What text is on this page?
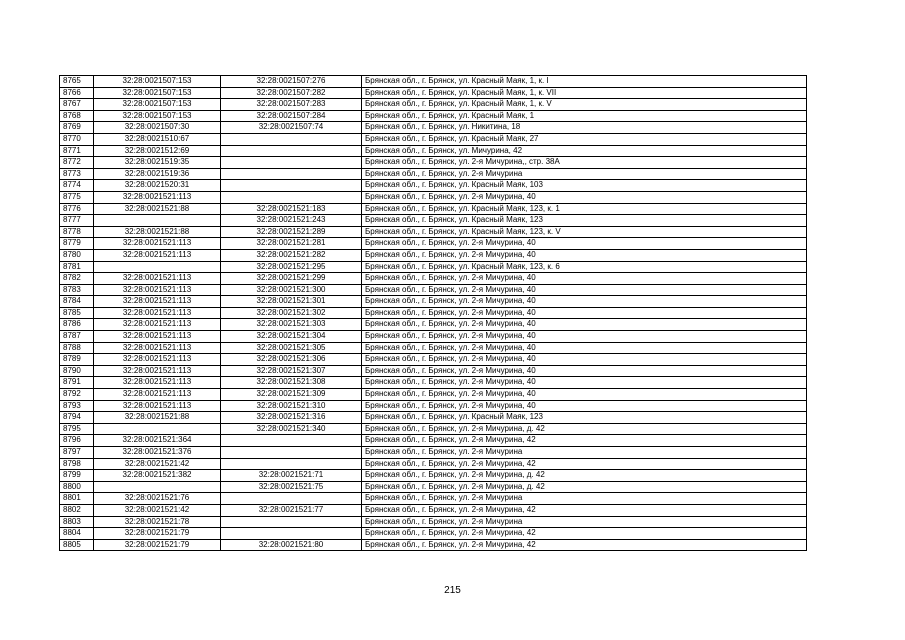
8765	32:28:0021507:153	32:28:0021507:276	Брянская обл., г. Брянск, ул. Красный Маяк, 1, к. I
8766	32:28:0021507:153	32:28:0021507:282	Брянская обл., г. Брянск, ул. Красный Маяк, 1, к. VII
8767	32:28:0021507:153	32:28:0021507:283	Брянская обл., г. Брянск, ул. Красный Маяк, 1, к. V
8768	32:28:0021507:153	32:28:0021507:284	Брянская обл., г. Брянск, ул. Красный Маяк, 1
8769	32:28:0021507:30	32:28:0021507:74	Брянская обл., г. Брянск, ул. Никитина, 18
8770	32:28:0021510:67		Брянская обл., г. Брянск, ул. Красный Маяк, 27
8771	32:28:0021512:69		Брянская обл., г. Брянск, ул. Мичурина, 42
8772	32:28:0021519:35		Брянская обл., г. Брянск, ул. 2-я Мичурина,, стр. 38А
8773	32:28:0021519:36		Брянская обл., г. Брянск, ул. 2-я Мичурина
8774	32:28:0021520:31		Брянская обл., г. Брянск, ул. Красный Маяк, 103
8775	32:28:0021521:113		Брянская обл., г. Брянск, ул. 2-я Мичурина, 40
8776	32:28:0021521:88	32:28:0021521:183	Брянская обл., г. Брянск, ул. Красный Маяк, 123, к. 1
8777		32:28:0021521:243	Брянская обл., г. Брянск, ул. Красный Маяк, 123
8778	32:28:0021521:88	32:28:0021521:289	Брянская обл., г. Брянск, ул. Красный Маяк, 123, к. V
8779	32:28:0021521:113	32:28:0021521:281	Брянская обл., г. Брянск, ул. 2-я Мичурина, 40
8780	32:28:0021521:113	32:28:0021521:282	Брянская обл., г. Брянск, ул. 2-я Мичурина, 40
8781		32:28:0021521:295	Брянская обл., г. Брянск, ул. Красный Маяк, 123, к. 6
8782	32:28:0021521:113	32:28:0021521:299	Брянская обл., г. Брянск, ул. 2-я Мичурина, 40
8783	32:28:0021521:113	32:28:0021521:300	Брянская обл., г. Брянск, ул. 2-я Мичурина, 40
8784	32:28:0021521:113	32:28:0021521:301	Брянская обл., г. Брянск, ул. 2-я Мичурина, 40
8785	32:28:0021521:113	32:28:0021521:302	Брянская обл., г. Брянск, ул. 2-я Мичурина, 40
8786	32:28:0021521:113	32:28:0021521:303	Брянская обл., г. Брянск, ул. 2-я Мичурина, 40
8787	32:28:0021521:113	32:28:0021521:304	Брянская обл., г. Брянск, ул. 2-я Мичурина, 40
8788	32:28:0021521:113	32:28:0021521:305	Брянская обл., г. Брянск, ул. 2-я Мичурина, 40
8789	32:28:0021521:113	32:28:0021521:306	Брянская обл., г. Брянск, ул. 2-я Мичурина, 40
8790	32:28:0021521:113	32:28:0021521:307	Брянская обл., г. Брянск, ул. 2-я Мичурина, 40
8791	32:28:0021521:113	32:28:0021521:308	Брянская обл., г. Брянск, ул. 2-я Мичурина, 40
8792	32:28:0021521:113	32:28:0021521:309	Брянская обл., г. Брянск, ул. 2-я Мичурина, 40
8793	32:28:0021521:113	32:28:0021521:310	Брянская обл., г. Брянск, ул. 2-я Мичурина, 40
8794	32:28:0021521:88	32:28:0021521:316	Брянская обл., г. Брянск, ул. Красный Маяк, 123
8795		32:28:0021521:340	Брянская обл., г. Брянск, ул. 2-я Мичурина, д. 42
8796	32:28:0021521:364		Брянская обл., г. Брянск, ул. 2-я Мичурина, 42
8797	32:28:0021521:376		Брянская обл., г. Брянск, ул. 2-я Мичурина
8798	32:28:0021521:42		Брянская обл., г. Брянск, ул. 2-я Мичурина, 42
8799	32:28:0021521:382	32:28:0021521:71	Брянская обл., г. Брянск, ул. 2-я Мичурина, д. 42
8800		32:28:0021521:75	Брянская обл., г. Брянск, ул. 2-я Мичурина, д. 42
8801	32:28:0021521:76		Брянская обл., г. Брянск, ул. 2-я Мичурина
8802	32:28:0021521:42	32:28:0021521:77	Брянская обл., г. Брянск, ул. 2-я Мичурина, 42
8803	32:28:0021521:78		Брянская обл., г. Брянск, ул. 2-я Мичурина
8804	32:28:0021521:79		Брянская обл., г. Брянск, ул. 2-я Мичурина, 42
8805	32:28:0021521:79	32:28:0021521:80	Брянская обл., г. Брянск, ул. 2-я Мичурина, 42
215
